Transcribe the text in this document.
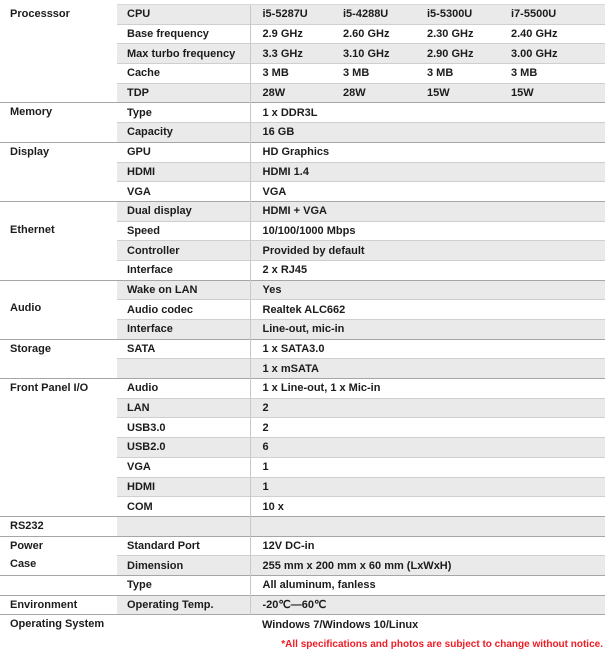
Processsor	CPU	i5-5287U	i5-4288U	i5-5300U	i7-5500U
	Base frequency	2.9 GHz	2.60 GHz	2.30 GHz	2.40 GHz
	Max turbo frequency	3.3 GHz	3.10 GHz	2.90 GHz	3.00 GHz
	Cache	3 MB	3 MB	3 MB	3 MB
	TDP	28W	28W	15W	15W

Memory	Type	1 x DDR3L			
	Capacity	16 GB			

Display	GPU	HD Graphics			
	HDMI	HDMI 1.4			
	VGA	VGA			

Ethernet	Dual display	HDMI + VGA			
	Speed	10/100/1000 Mbps			
	Controller	Provided by default			
	Interface	2 x RJ45			

Audio	Wake on LAN	Yes			
	Audio codec	Realtek ALC662			
	Interface	Line-out, mic-in			

Storage	SATA	1 x SATA3.0			
		1 x mSATA			

Front Panel I/O	Audio	1 x Line-out, 1 x Mic-in			
	LAN	2			
	USB3.0	2			
	USB2.0	6			
	VGA	1			
	HDMI	1			
	COM	10 x			

RS232					

Power
Case	Standard Port	12V DC-in			
	Dimension	255 mm x 200 mm x 60 mm (LxWxH)			

	Type	All aluminum, fanless			

Environment	Operating Temp.	-20℃—60℃			

Operating System		Windows 7/Windows 10/Linux			
*All specifications and photos are subject to change without notice.
